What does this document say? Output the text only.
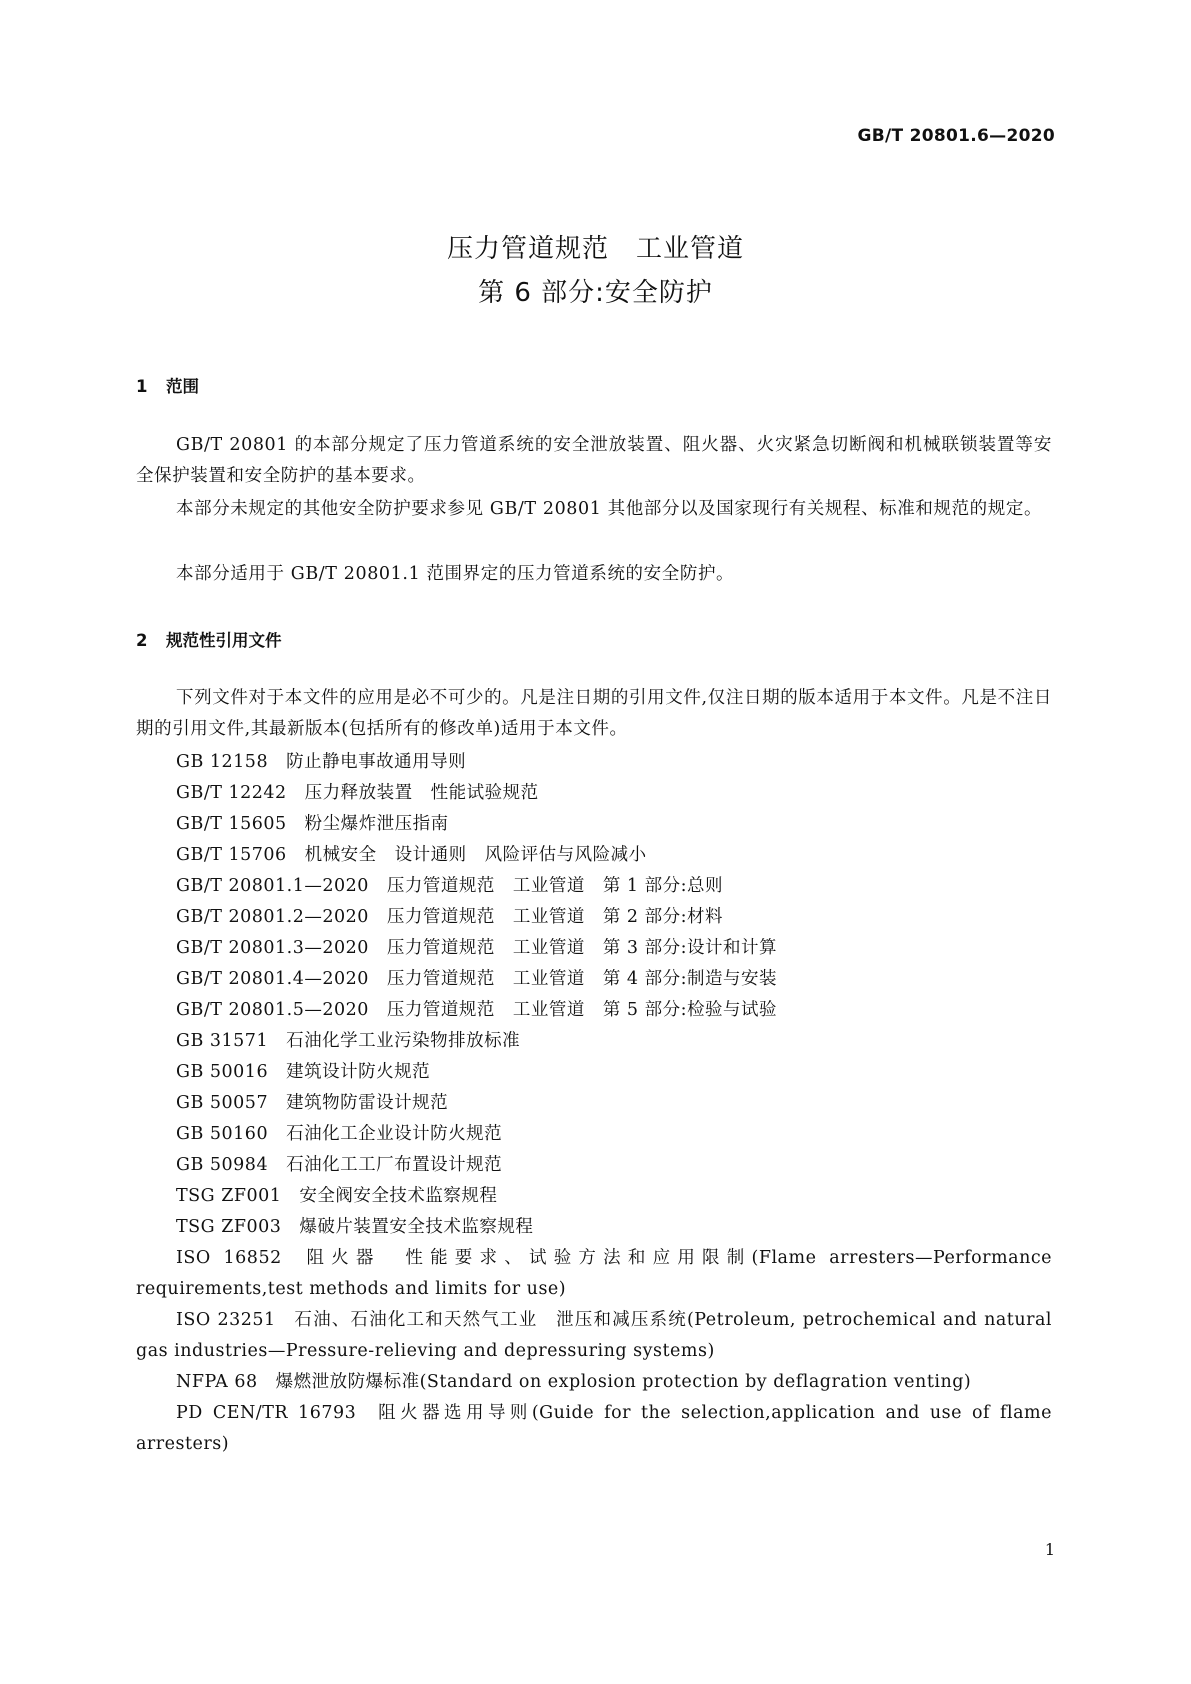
GB/T 20801.6—2020
压力管道规范　工业管道
第 6 部分:安全防护
1 范围
GB/T 20801 的本部分规定了压力管道系统的安全泄放装置、阻火器、火灾紧急切断阀和机械联锁装置等安全保护装置和安全防护的基本要求。
本部分未规定的其他安全防护要求参见 GB/T 20801 其他部分以及国家现行有关规程、标准和规范的规定。
本部分适用于 GB/T 20801.1 范围界定的压力管道系统的安全防护。
2 规范性引用文件
下列文件对于本文件的应用是必不可少的。凡是注日期的引用文件,仅注日期的版本适用于本文件。凡是不注日期的引用文件,其最新版本(包括所有的修改单)适用于本文件。
GB 12158 防止静电事故通用导则
GB/T 12242 压力释放装置　性能试验规范
GB/T 15605 粉尘爆炸泄压指南
GB/T 15706 机械安全　设计通则　风险评估与风险减小
GB/T 20801.1—2020 压力管道规范　工业管道　第 1 部分:总则
GB/T 20801.2—2020 压力管道规范　工业管道　第 2 部分:材料
GB/T 20801.3—2020 压力管道规范　工业管道　第 3 部分:设计和计算
GB/T 20801.4—2020 压力管道规范　工业管道　第 4 部分:制造与安装
GB/T 20801.5—2020 压力管道规范　工业管道　第 5 部分:检验与试验
GB 31571 石油化学工业污染物排放标准
GB 50016 建筑设计防火规范
GB 50057 建筑物防雷设计规范
GB 50160 石油化工企业设计防火规范
GB 50984 石油化工工厂布置设计规范
TSG ZF001 安全阀安全技术监察规程
TSG ZF003 爆破片装置安全技术监察规程
ISO 16852 阻火器　性能要求、试验方法和应用限制(Flame arresters—Performance requirements,test methods and limits for use)
ISO 23251 石油、石油化工和天然气工业　泄压和减压系统(Petroleum, petrochemical and natural gas industries—Pressure-relieving and depressuring systems)
NFPA 68 爆燃泄放防爆标准(Standard on explosion protection by deflagration venting)
PD CEN/TR 16793 阻火器选用导则(Guide for the selection,application and use of flame arresters)
1
